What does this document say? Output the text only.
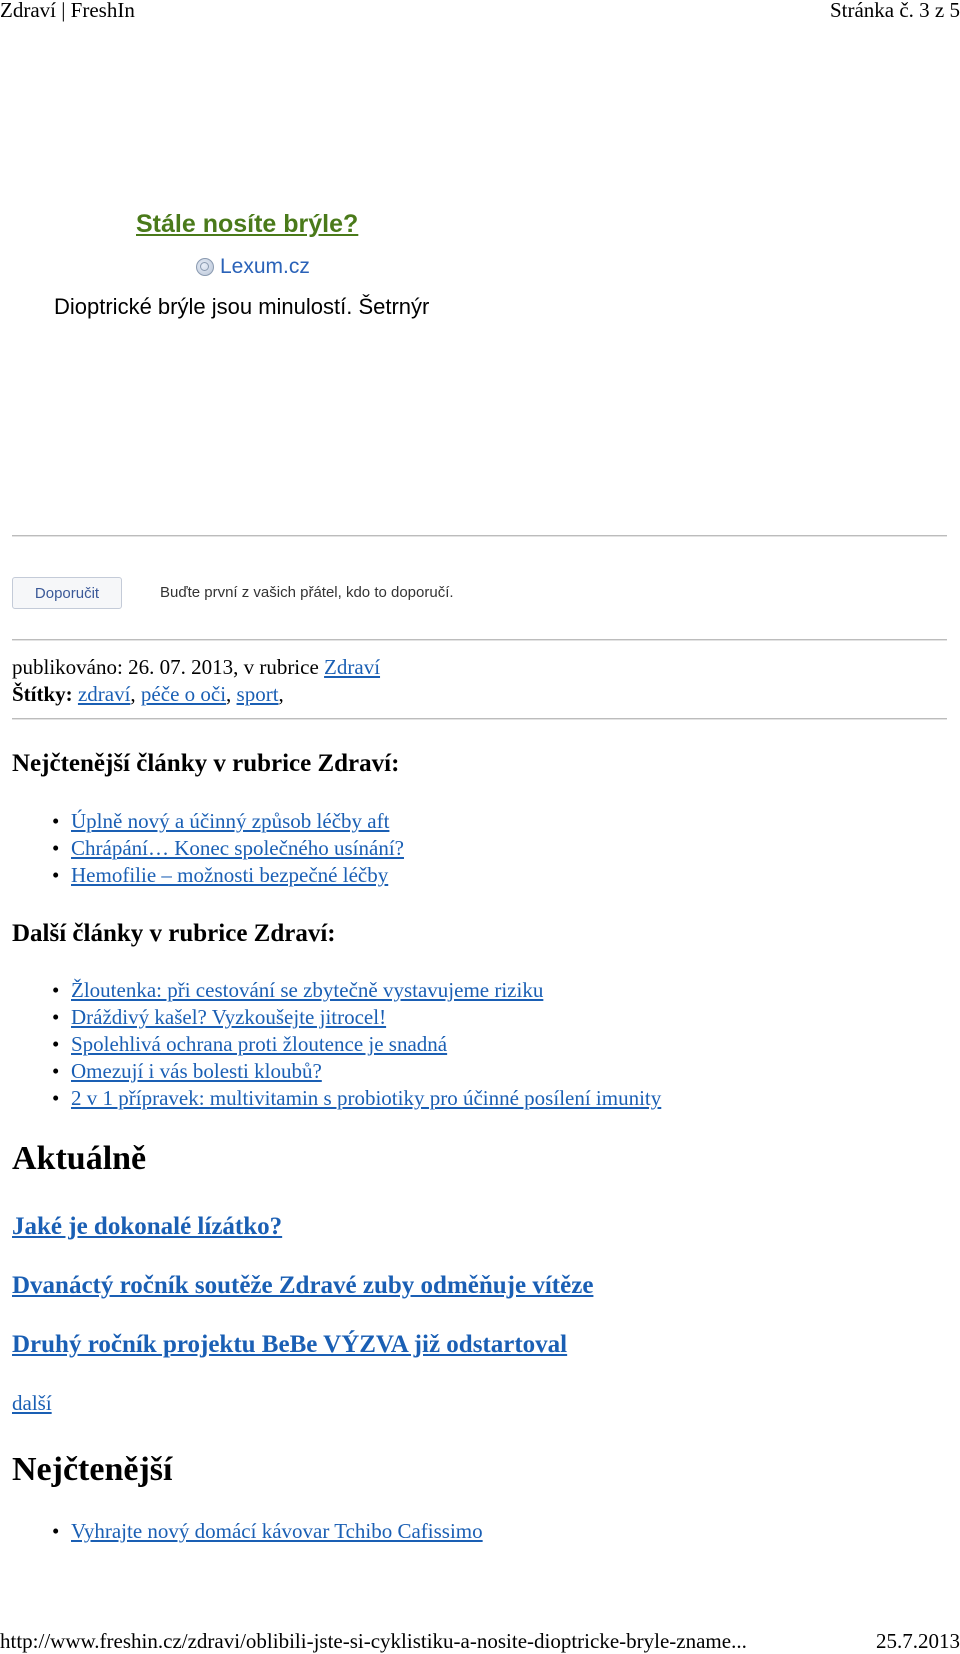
Zdraví | FreshIn	Stránka č. 3 z 5
Stále nosíte brýle?
Lexum.cz
Dioptrické brýle jsou minulostí. Šetrnýr
Doporučit	Buďte první z vašich přátel, kdo to doporučí.
publikováno: 26. 07. 2013, v rubrice Zdraví
Štítky: zdraví, péče o oči, sport,
Nejčtenější články v rubrice Zdraví:
• Úplně nový a účinný způsob léčby aft
• Chrápání… Konec společného usínání?
• Hemofilie – možnosti bezpečné léčby
Další články v rubrice Zdraví:
• Žloutenka: při cestování se zbytečně vystavujeme riziku
• Dráždivý kašel? Vyzkoušejte jitrocel!
• Spolehlivá ochrana proti žloutence je snadná
• Omezují i vás bolesti kloubů?
• 2 v 1 přípravek: multivitamin s probiotiky pro účinné posílení imunity
Aktuálně
Jaké je dokonalé lízátko?
Dvanáctý ročník soutěže Zdravé zuby odměňuje vítěze
Druhý ročník projektu BeBe VÝZVA již odstartoval
další
Nejčtenější
• Vyhrajte nový domácí kávovar Tchibo Cafissimo
http://www.freshin.cz/zdravi/oblibili-jste-si-cyklistiku-a-nosite-dioptricke-bryle-zname...	25.7.2013
